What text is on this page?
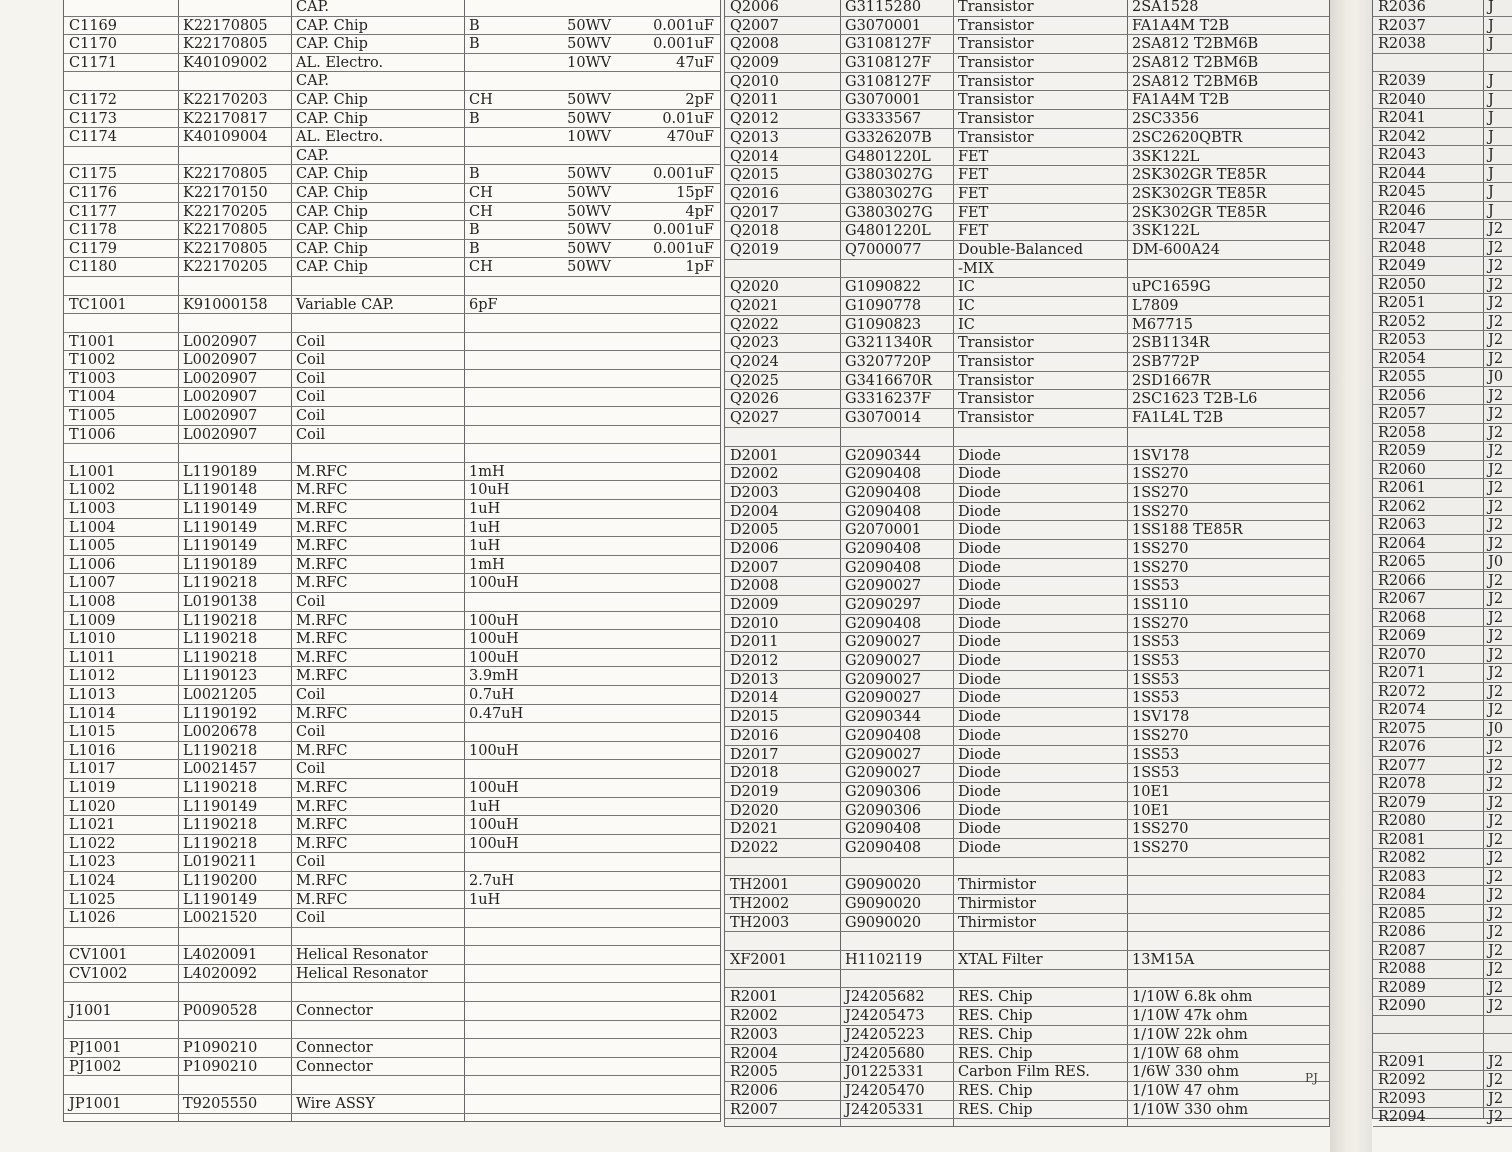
CAP.
C1169	K22170805	CAP. Chip	B	50WV	0.001uF
C1170	K22170805	CAP. Chip	B	50WV	0.001uF
C1171	K40109002	AL. Electro.	10WV	47uF
CAP.
C1172	K22170203	CAP. Chip	CH	50WV	2pF
C1173	K22170817	CAP. Chip	B	50WV	0.01uF
C1174	K40109004	AL. Electro.	10WV	470uF
CAP.
C1175	K22170805	CAP. Chip	B	50WV	0.001uF
C1176	K22170150	CAP. Chip	CH	50WV	15pF
C1177	K22170205	CAP. Chip	CH	50WV	4pF
C1178	K22170805	CAP. Chip	B	50WV	0.001uF
C1179	K22170805	CAP. Chip	B	50WV	0.001uF
C1180	K22170205	CAP. Chip	CH	50WV	1pF
TC1001	K91000158	Variable CAP.	6pF
T1001	L0020907	Coil
T1002	L0020907	Coil
T1003	L0020907	Coil
T1004	L0020907	Coil
T1005	L0020907	Coil
T1006	L0020907	Coil
L1001	L1190189	M.RFC	1mH
L1002	L1190148	M.RFC	10uH
L1003	L1190149	M.RFC	1uH
L1004	L1190149	M.RFC	1uH
L1005	L1190149	M.RFC	1uH
L1006	L1190189	M.RFC	1mH
L1007	L1190218	M.RFC	100uH
L1008	L0190138	Coil
L1009	L1190218	M.RFC	100uH
L1010	L1190218	M.RFC	100uH
L1011	L1190218	M.RFC	100uH
L1012	L1190123	M.RFC	3.9mH
L1013	L0021205	Coil	0.7uH
L1014	L1190192	M.RFC	0.47uH
L1015	L0020678	Coil
L1016	L1190218	M.RFC	100uH
L1017	L0021457	Coil
L1019	L1190218	M.RFC	100uH
L1020	L1190149	M.RFC	1uH
L1021	L1190218	M.RFC	100uH
L1022	L1190218	M.RFC	100uH
L1023	L0190211	Coil
L1024	L1190200	M.RFC	2.7uH
L1025	L1190149	M.RFC	1uH
L1026	L0021520	Coil
CV1001	L4020091	Helical Resonator
CV1002	L4020092	Helical Resonator
J1001	P0090528	Connector
PJ1001	P1090210	Connector
PJ1002	P1090210	Connector
JP1001	T9205550	Wire ASSY
Q2006	G3115280	Transistor	2SA1528
Q2007	G3070001	Transistor	FA1A4M T2B
Q2008	G3108127F	Transistor	2SA812 T2BM6B
Q2009	G3108127F	Transistor	2SA812 T2BM6B
Q2010	G3108127F	Transistor	2SA812 T2BM6B
Q2011	G3070001	Transistor	FA1A4M T2B
Q2012	G3333567	Transistor	2SC3356
Q2013	G3326207B	Transistor	2SC2620QBTR
Q2014	G4801220L	FET	3SK122L
Q2015	G3803027G	FET	2SK302GR TE85R
Q2016	G3803027G	FET	2SK302GR TE85R
Q2017	G3803027G	FET	2SK302GR TE85R
Q2018	G4801220L	FET	3SK122L
Q2019	Q7000077	Double-Balanced	DM-600A24
-MIX
Q2020	G1090822	IC	uPC1659G
Q2021	G1090778	IC	L7809
Q2022	G1090823	IC	M67715
Q2023	G3211340R	Transistor	2SB1134R
Q2024	G3207720P	Transistor	2SB772P
Q2025	G3416670R	Transistor	2SD1667R
Q2026	G3316237F	Transistor	2SC1623 T2B-L6
Q2027	G3070014	Transistor	FA1L4L T2B
D2001	G2090344	Diode	1SV178
D2002	G2090408	Diode	1SS270
D2003	G2090408	Diode	1SS270
D2004	G2090408	Diode	1SS270
D2005	G2070001	Diode	1SS188 TE85R
D2006	G2090408	Diode	1SS270
D2007	G2090408	Diode	1SS270
D2008	G2090027	Diode	1SS53
D2009	G2090297	Diode	1SS110
D2010	G2090408	Diode	1SS270
D2011	G2090027	Diode	1SS53
D2012	G2090027	Diode	1SS53
D2013	G2090027	Diode	1SS53
D2014	G2090027	Diode	1SS53
D2015	G2090344	Diode	1SV178
D2016	G2090408	Diode	1SS270
D2017	G2090027	Diode	1SS53
D2018	G2090027	Diode	1SS53
D2019	G2090306	Diode	10E1
D2020	G2090306	Diode	10E1
D2021	G2090408	Diode	1SS270
D2022	G2090408	Diode	1SS270
TH2001	G9090020	Thirmistor
TH2002	G9090020	Thirmistor
TH2003	G9090020	Thirmistor
XF2001	H1102119	XTAL Filter	13M15A
R2001	J24205682	RES. Chip	1/10W 6.8k ohm
R2002	J24205473	RES. Chip	1/10W 47k ohm
R2003	J24205223	RES. Chip	1/10W 22k ohm
R2004	J24205680	RES. Chip	1/10W 68 ohm
R2005	J01225331	Carbon Film RES.	1/6W 330 ohm
R2006	J24205470	RES. Chip	1/10W 47 ohm
R2007	J24205331	RES. Chip	1/10W 330 ohm
PJ
R2036	J
R2037	J
R2038	J
R2039	J
R2040	J
R2041	J
R2042	J
R2043	J
R2044	J
R2045	J
R2046	J
R2047	J2
R2048	J2
R2049	J2
R2050	J2
R2051	J2
R2052	J2
R2053	J2
R2054	J2
R2055	J0
R2056	J2
R2057	J2
R2058	J2
R2059	J2
R2060	J2
R2061	J2
R2062	J2
R2063	J2
R2064	J2
R2065	J0
R2066	J2
R2067	J2
R2068	J2
R2069	J2
R2070	J2
R2071	J2
R2072	J2
R2074	J2
R2075	J0
R2076	J2
R2077	J2
R2078	J2
R2079	J2
R2080	J2
R2081	J2
R2082	J2
R2083	J2
R2084	J2
R2085	J2
R2086	J2
R2087	J2
R2088	J2
R2089	J2
R2090	J2
R2091	J2
R2092	J2
R2093	J2
R2094	J2
